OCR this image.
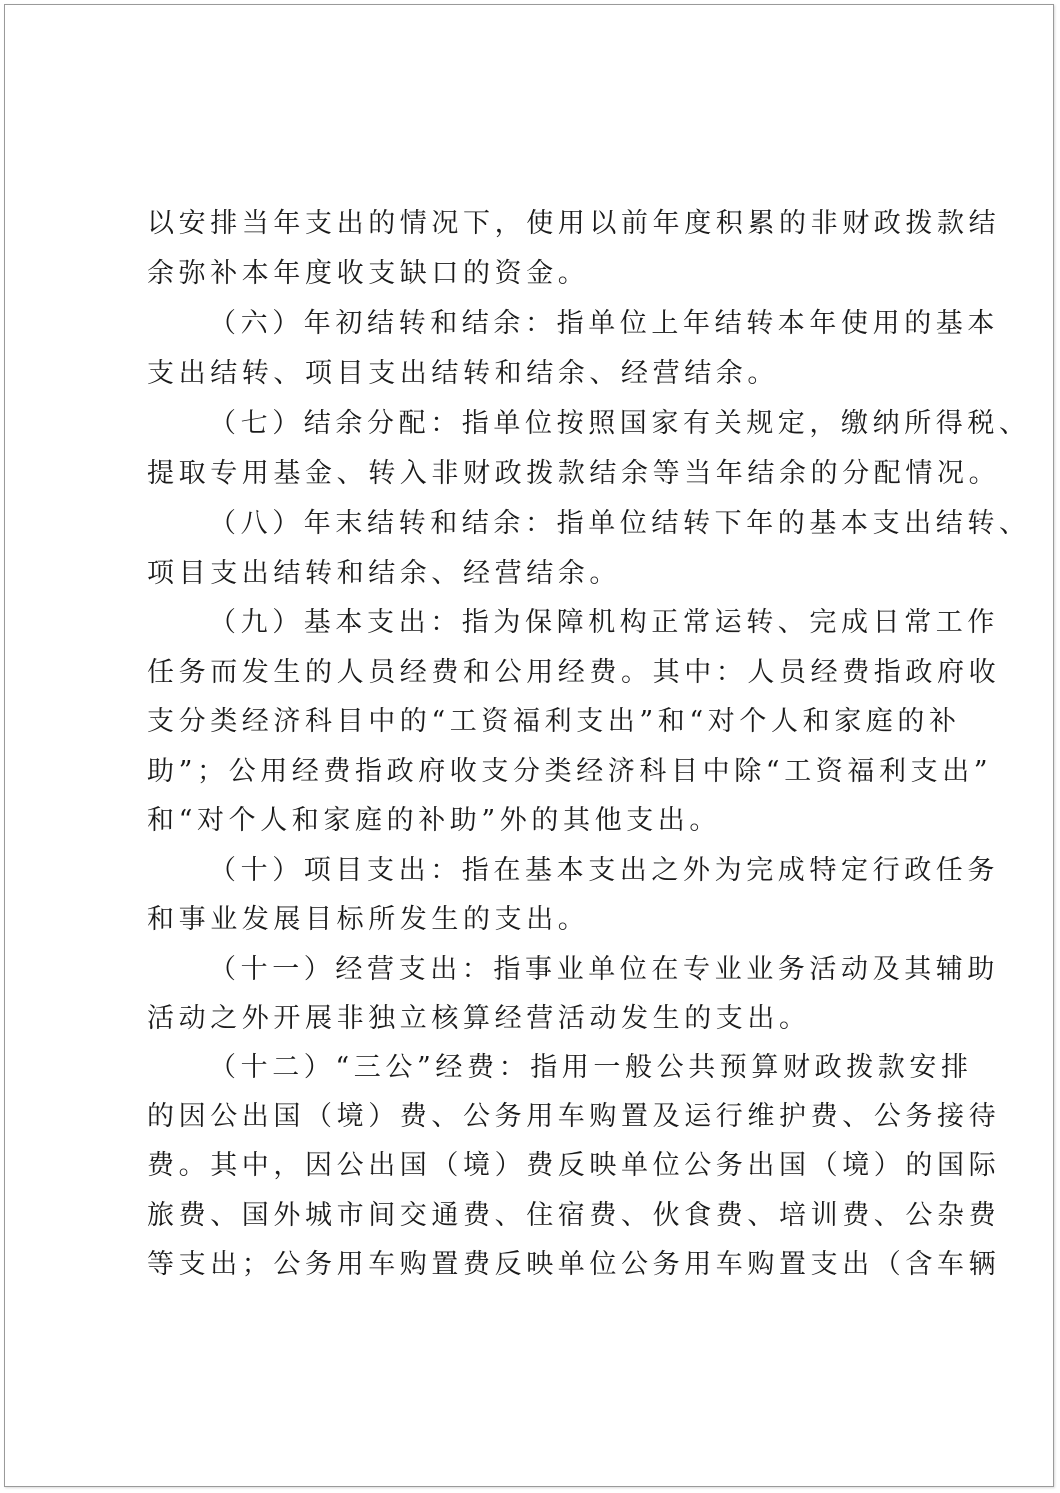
以安排当年支出的情况下，使用以前年度积累的非财政拨款结
余弥补本年度收支缺口的资金。
（六）年初结转和结余：指单位上年结转本年使用的基本
支出结转、项目支出结转和结余、经营结余。
（七）结余分配：指单位按照国家有关规定，缴纳所得税、
提取专用基金、转入非财政拨款结余等当年结余的分配情况。
（八）年末结转和结余：指单位结转下年的基本支出结转、
项目支出结转和结余、经营结余。
（九）基本支出：指为保障机构正常运转、完成日常工作
任务而发生的人员经费和公用经费。其中：人员经费指政府收
支分类经济科目中的“工资福利支出”和“对个人和家庭的补
助”；公用经费指政府收支分类经济科目中除“工资福利支出”
和“对个人和家庭的补助”外的其他支出。
（十）项目支出：指在基本支出之外为完成特定行政任务
和事业发展目标所发生的支出。
（十一）经营支出：指事业单位在专业业务活动及其辅助
活动之外开展非独立核算经营活动发生的支出。
（十二）“三公”经费：指用一般公共预算财政拨款安排
的因公出国（境）费、公务用车购置及运行维护费、公务接待
费。其中，因公出国（境）费反映单位公务出国（境）的国际
旅费、国外城市间交通费、住宿费、伙食费、培训费、公杂费
等支出；公务用车购置费反映单位公务用车购置支出（含车辆
